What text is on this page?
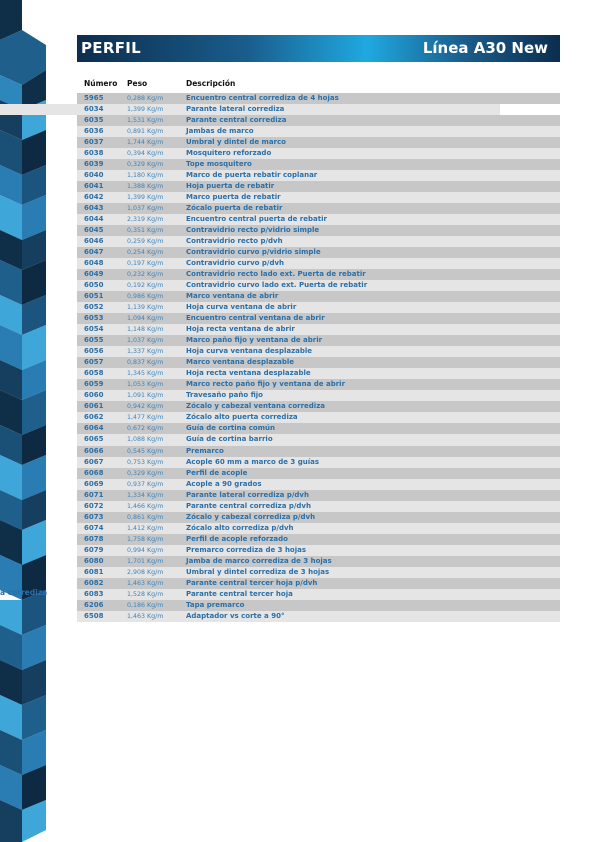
PERFIL	Línea A30 New
Número Peso	Descripción
5965	0,288 Kg/m	Encuentro central corrediza de 4 hojas
6034	1,399 Kg/m	Parante lateral corrediza
6035	1,531 Kg/m	Parante central corrediza
6036	0,891 Kg/m	Jambas de marco
6037	1,744 Kg/m	Umbral y dintel de marco
6038	0,394 Kg/m	Mosquitero reforzado
6039	0,329 Kg/m	Tope mosquitero
6040	1,180 Kg/m	Marco de puerta rebatir coplanar
6041	1,388 Kg/m	Hoja puerta de rebatir
6042	1,399 Kg/m	Marco puerta de rebatir
6043	1,037 Kg/m	Zócalo puerta de rebatir
6044	2,319 Kg/m	Encuentro central puerta de rebatir
6045	0,351 Kg/m	Contravidrio recto p/vidrio simple
6046	0,259 Kg/m	Contravidrio recto p/dvh
6047	0,254 Kg/m	Contravidrio curvo p/vidrio simple
6048	0,197 Kg/m	Contravidrio curvo p/dvh
6049	0,232 Kg/m	Contravidrio recto lado ext. Puerta de rebatir
6050	0,192 Kg/m	Contravidrio curvo lado ext. Puerta de rebatir
6051	0,986 Kg/m	Marco ventana de abrir
6052	1,139 Kg/m	Hoja curva ventana de abrir
6053	1,094 Kg/m	Encuentro central ventana de abrir
6054	1,148 Kg/m	Hoja recta ventana de abrir
6055	1,037 Kg/m	Marco paño fijo y ventana de abrir
6056	1,337 Kg/m	Hoja curva ventana desplazable
6057	0,837 Kg/m	Marco ventana desplazable
6058	1,345 Kg/m	Hoja recta ventana desplazable
6059	1,053 Kg/m	Marco recto paño fijo y ventana de abrir
6060	1,091 Kg/m	Travesaño paño fijo
6061	0,942 Kg/m	Zócalo y cabezal ventana corrediza
6062	1,477 Kg/m	Zócalo alto puerta corrediza
6064	0,672 Kg/m	Guía de cortina común
6065	1,088 Kg/m	Guía de cortina barrio
6066	0,545 Kg/m	Premarco
6067	0,753 Kg/m	Acople 60 mm a marco de 3 guías
6068	0,329 Kg/m	Perfil de acople
6069	0,937 Kg/m	Acople a 90 grados
6071	1,334 Kg/m	Parante lateral corrediza p/dvh
6072	1,466 Kg/m	Parante central corrediza p/dvh
6073	0,861 Kg/m	Zócalo y cabezal corrediza p/dvh
6074	1,412 Kg/m	Zócalo alto corrediza p/dvh
6078	1,758 Kg/m	Perfil de acople reforzado
6079	0,994 Kg/m	Premarco corrediza de 3 hojas
6080	1,701 Kg/m	Jamba de marco corrediza de 3 hojas
6081	2,908 Kg/m	Umbral y dintel corrediza de 3 hojas
6082	1,463 Kg/m	Parante central tercer hoja p/dvh
6083	1,528 Kg/m	Parante central tercer hoja
6206	0,186 Kg/m	Tapa premarco
6508	1,463 Kg/m	Adaptador vs corte a 90°
a corrediza
